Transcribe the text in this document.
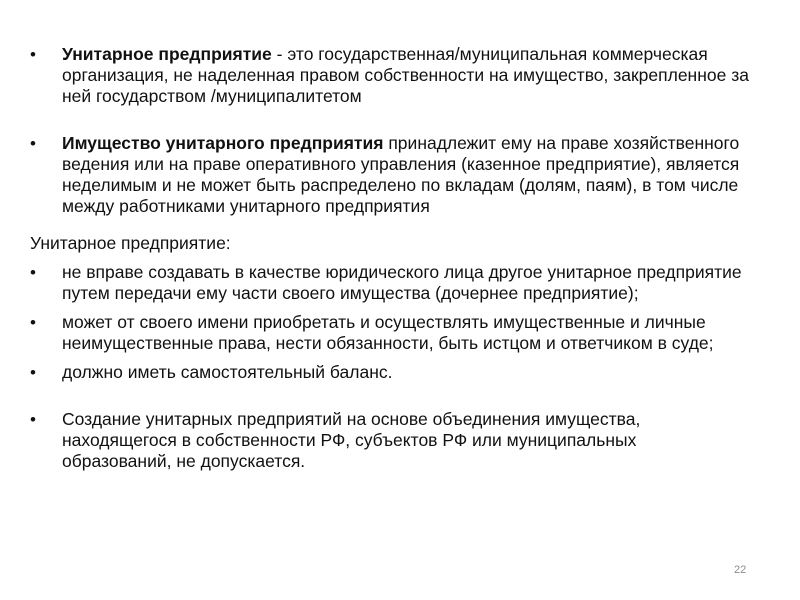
•	Унитарное предприятие - это государственная/муниципальная коммерческая организация, не наделенная правом собственности на имущество, закрепленное за ней государством /муниципалитетом
•	Имущество унитарного предприятия принадлежит ему на праве хозяйственного ведения или на праве оперативного управления (казенное предприятие), является неделимым и не может быть распределено по вкладам (долям, паям), в том числе между работниками унитарного предприятия
Унитарное предприятие:
•	не вправе создавать в качестве юридического лица другое унитарное предприятие путем передачи ему части своего имущества (дочернее предприятие);
•	может от своего имени приобретать и осуществлять имущественные и личные неимущественные права, нести обязанности, быть истцом и ответчиком в суде;
•	должно иметь самостоятельный баланс.
•	Создание унитарных предприятий на основе объединения имущества, находящегося в собственности РФ, субъектов РФ или муниципальных образований, не допускается.
22
